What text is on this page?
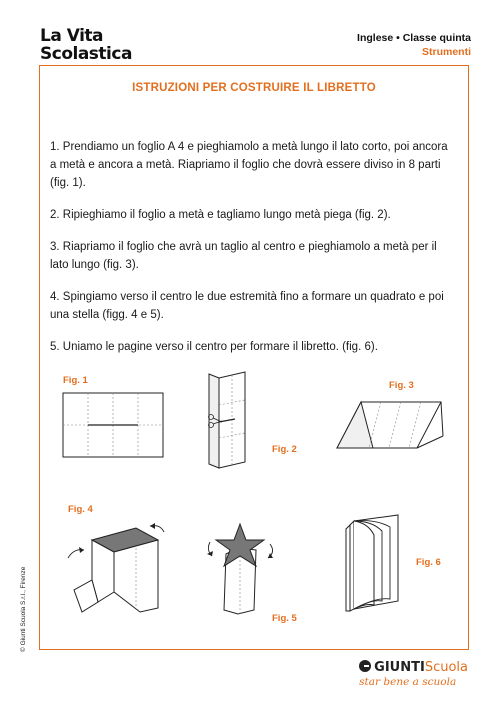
La Vita
Scolastica
Inglese • Classe quinta
Strumenti
ISTRUZIONI PER COSTRUIRE IL LIBRETTO

1. Prendiamo un foglio A 4 e pieghiamolo a metà lungo il lato corto, poi ancora a metà e ancora a metà. Riapriamo il foglio che dovrà essere diviso in 8 parti (fig. 1).

2. Ripieghiamo il foglio a metà e tagliamo lungo metà piega (fig. 2).

3. Riapriamo il foglio che avrà un taglio al centro e pieghiamolo a metà per il lato lungo (fig. 3).

4. Spingiamo verso il centro le due estremità fino a formare un quadrato e poi una stella (figg. 4 e 5).

5. Uniamo le pagine verso il centro per formare il libretto. (fig. 6).

Fig. 1
Fig. 2
Fig. 3
Fig. 4
Fig. 5
Fig. 6
© Giunti Scuola S.r.l., Firenze
GIUNTIScuola
star bene a scuola
